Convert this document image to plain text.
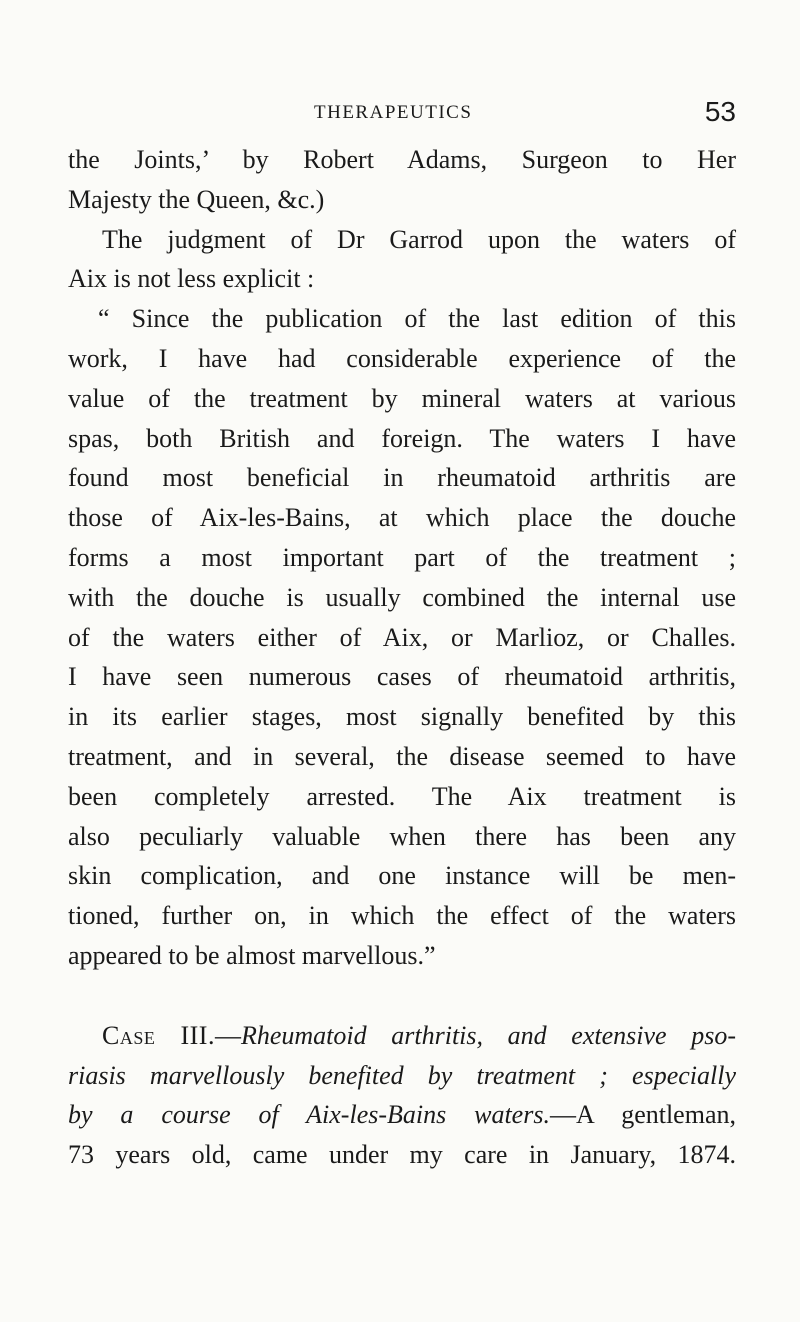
THERAPEUTICS	53
the Joints,’ by Robert Adams, Surgeon to Her
Majesty the Queen, &c.)
The judgment of Dr Garrod upon the waters of
Aix is not less explicit :
“ Since the publication of the last edition of this
work, I have had considerable experience of the
value of the treatment by mineral waters at various
spas, both British and foreign. The waters I have
found most beneficial in rheumatoid arthritis are
those of Aix-les-Bains, at which place the douche
forms a most important part of the treatment ;
with the douche is usually combined the internal use
of the waters either of Aix, or Marlioz, or Challes.
I have seen numerous cases of rheumatoid arthritis,
in its earlier stages, most signally benefited by this
treatment, and in several, the disease seemed to have
been completely arrested. The Aix treatment is
also peculiarly valuable when there has been any
skin complication, and one instance will be men-
tioned, further on, in which the effect of the waters
appeared to be almost marvellous.”
Case III.—Rheumatoid arthritis, and extensive pso-
riasis marvellously benefited by treatment ; especially
by a course of Aix-les-Bains waters.—A gentleman,
73 years old, came under my care in January, 1874.
